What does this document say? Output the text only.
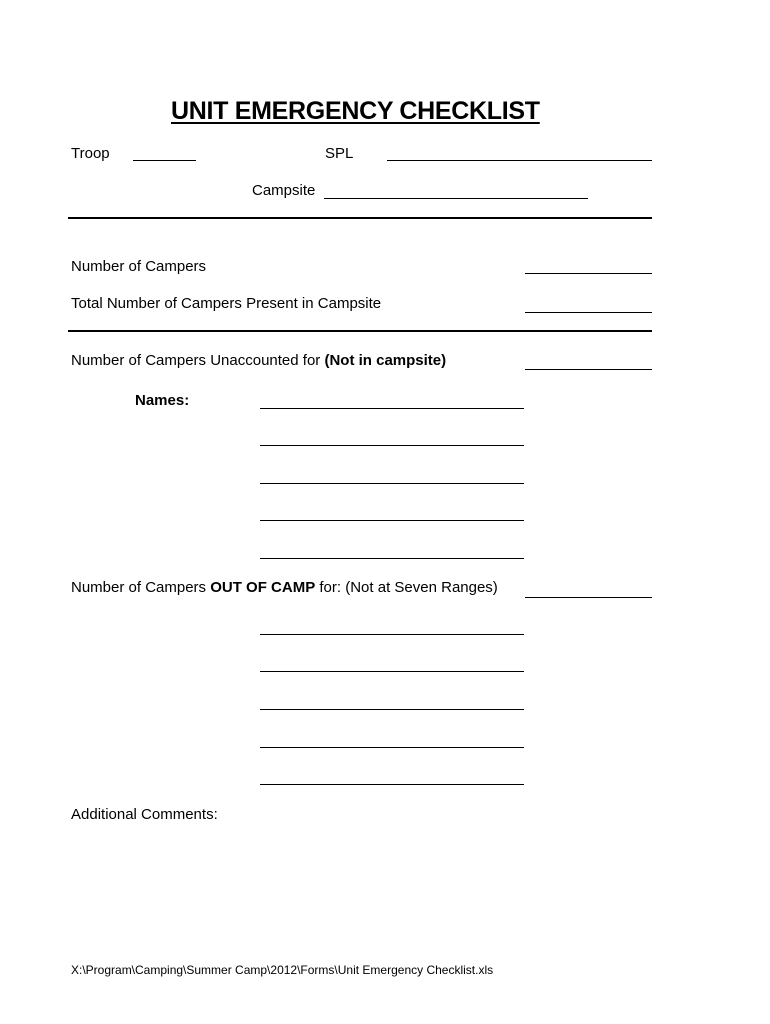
UNIT EMERGENCY CHECKLIST
Troop	SPL
Campsite
Number of Campers
Total Number of Campers Present in Campsite
Number of Campers Unaccounted for (Not in campsite)
Names:
Number of Campers OUT OF CAMP for: (Not at Seven Ranges)
Additional Comments:
X:\Program\Camping\Summer Camp\2012\Forms\Unit Emergency Checklist.xls
